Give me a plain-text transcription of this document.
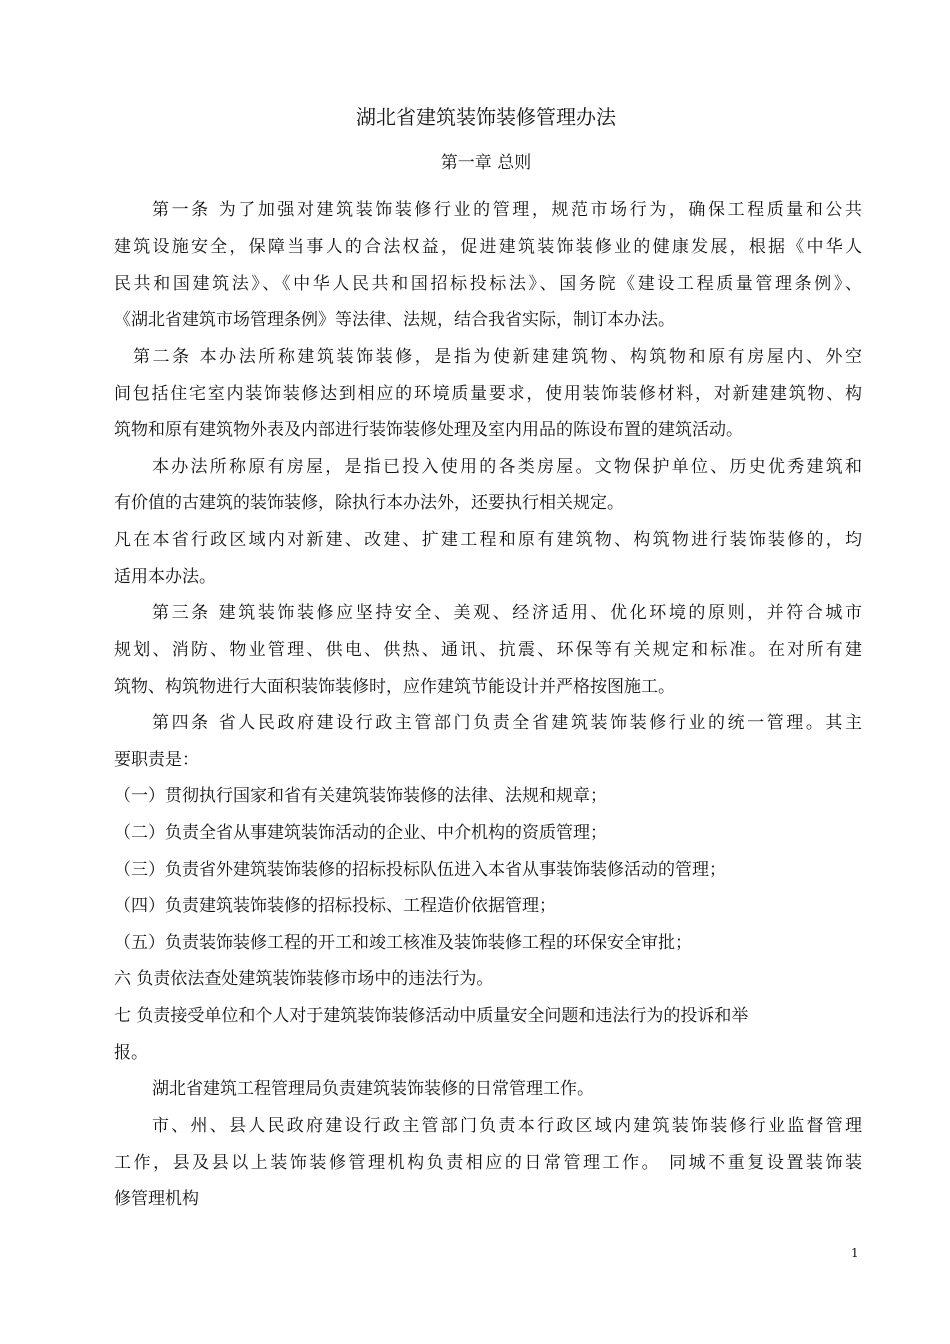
湖北省建筑装饰装修管理办法
第一章 总则
第一条 为了加强对建筑装饰装修行业的管理，规范市场行为，确保工程质量和公共
建筑设施安全，保障当事人的合法权益，促进建筑装饰装修业的健康发展，根据《中华人
民共和国建筑法》、《中华人民共和国招标投标法》、国务院《建设工程质量管理条例》、
《湖北省建筑市场管理条例》等法律、法规，结合我省实际，制订本办法。
第二条 本办法所称建筑装饰装修，是指为使新建建筑物、构筑物和原有房屋内、外空
间包括住宅室内装饰装修达到相应的环境质量要求，使用装饰装修材料，对新建建筑物、构
筑物和原有建筑物外表及内部进行装饰装修处理及室内用品的陈设布置的建筑活动。
本办法所称原有房屋，是指已投入使用的各类房屋。文物保护单位、历史优秀建筑和
有价值的古建筑的装饰装修，除执行本办法外，还要执行相关规定。
凡在本省行政区域内对新建、改建、扩建工程和原有建筑物、构筑物进行装饰装修的，均
适用本办法。
第三条 建筑装饰装修应坚持安全、美观、经济适用、优化环境的原则，并符合城市
规划、消防、物业管理、供电、供热、通讯、抗震、环保等有关规定和标准。在对所有建
筑物、构筑物进行大面积装饰装修时，应作建筑节能设计并严格按图施工。
第四条 省人民政府建设行政主管部门负责全省建筑装饰装修行业的统一管理。其主
要职责是：
（一）贯彻执行国家和省有关建筑装饰装修的法律、法规和规章；
（二）负责全省从事建筑装饰活动的企业、中介机构的资质管理；
（三）负责省外建筑装饰装修的招标投标队伍进入本省从事装饰装修活动的管理；
（四）负责建筑装饰装修的招标投标、工程造价依据管理；
（五）负责装饰装修工程的开工和竣工核准及装饰装修工程的环保安全审批；
六 负责依法查处建筑装饰装修市场中的违法行为。
七 负责接受单位和个人对于建筑装饰装修活动中质量安全问题和违法行为的投诉和举
报。
湖北省建筑工程管理局负责建筑装饰装修的日常管理工作。
市、州、县人民政府建设行政主管部门负责本行政区域内建筑装饰装修行业监督管理
工作，县及县以上装饰装修管理机构负责相应的日常管理工作。 同城不重复设置装饰装
修管理机构
1
